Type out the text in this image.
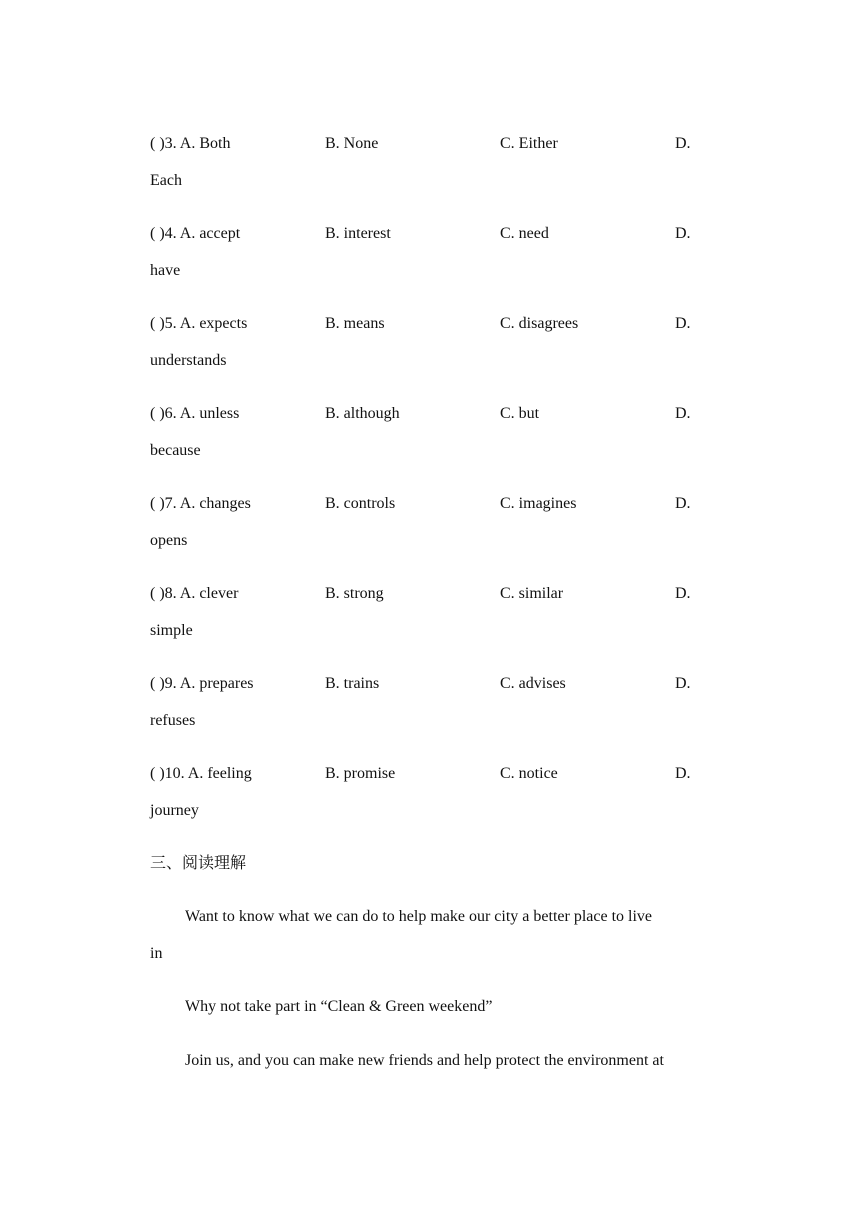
( )3. A. Both	B. None	C. Either	D.
Each
( )4. A. accept	B. interest	C. need	D.
have
( )5. A. expects	B. means	C. disagrees	D.
understands
( )6. A. unless	B. although	C. but	D.
because
( )7. A. changes	B. controls	C. imagines	D.
opens
( )8. A. clever	B. strong	C. similar	D.
simple
( )9. A. prepares	B. trains	C. advises	D.
refuses
( )10. A. feeling	B. promise	C. notice	D.
journey
三、阅读理解
Want to know what we can do to help make our city a better place to live
in
Why not take part in “Clean & Green weekend”
Join us, and you can make new friends and help protect the environment at
